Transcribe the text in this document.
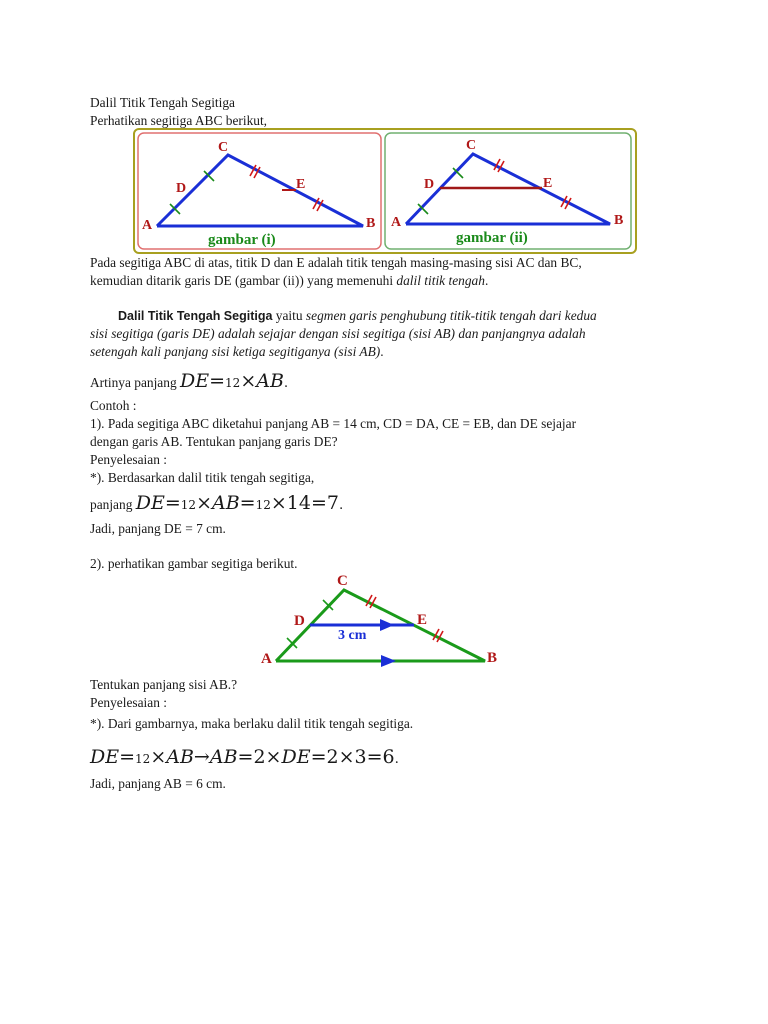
Dalil Titik Tengah Segitiga
Perhatikan segitiga ABC berikut,
C
D	E
A	B
gambar (i)
C
D	E
A	B
gambar (ii)
Pada segitiga ABC di atas, titik D dan E adalah titik tengah masing-masing sisi AC dan BC,
kemudian ditarik garis DE (gambar (ii)) yang memenuhi dalil titik tengah.
Dalil Titik Tengah Segitiga yaitu segmen garis penghubung titik-titik tengah dari kedua
sisi segitiga (garis DE) adalah sejajar dengan sisi segitiga (sisi AB) dan panjangnya adalah
setengah kali panjang sisi ketiga segitiganya (sisi AB).
Artinya panjang DE=12×AB.
Contoh :
1). Pada segitiga ABC diketahui panjang AB = 14 cm, CD = DA, CE = EB, dan DE sejajar
dengan garis AB. Tentukan panjang garis DE?
Penyelesaian :
*). Berdasarkan dalil titik tengah segitiga,
panjang DE=12×AB=12×14=7.
Jadi, panjang DE = 7 cm.
2). perhatikan gambar segitiga berikut.
C
D	E
A	B
3 cm
Tentukan panjang sisi AB.?
Penyelesaian :
*). Dari gambarnya, maka berlaku dalil titik tengah segitiga.
DE=12×AB→AB=2×DE=2×3=6.
Jadi, panjang AB = 6 cm.
